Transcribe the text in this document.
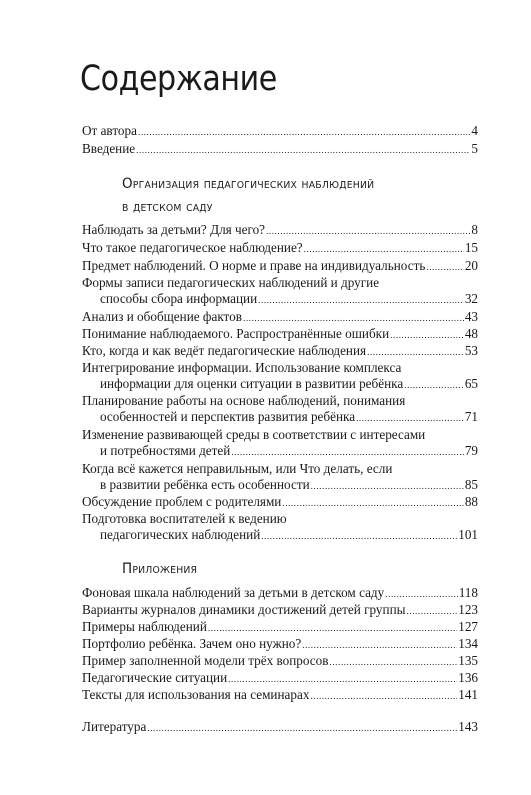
Содержание
От автора .....	4
Введение .....	5
Организация педагогических наблюдений
в детском саду
Наблюдать за детьми? Для чего? .....	8
Что такое педагогическое наблюдение? .....	15
Предмет наблюдений. О норме и праве на индивидуальность .....	20
Формы записи педагогических наблюдений и другие
способы сбора информации .....	32
Анализ и обобщение фактов .....	43
Понимание наблюдаемого. Распространённые ошибки .....	48
Кто, когда и как ведёт педагогические наблюдения .....	53
Интегрирование информации. Использование комплекса
информации для оценки ситуации в развитии ребёнка .....	65
Планирование работы на основе наблюдений, понимания
особенностей и перспектив развития ребёнка .....	71
Изменение развивающей среды в соответствии с интересами
и потребностями детей .....	79
Когда всё кажется неправильным, или Что делать, если
в развитии ребёнка есть особенности .....	85
Обсуждение проблем с родителями .....	88
Подготовка воспитателей к ведению
педагогических наблюдений .....	101
Приложения
Фоновая шкала наблюдений за детьми в детском саду .....	118
Варианты журналов динамики достижений детей группы .....	123
Примеры наблюдений .....	127
Портфолио ребёнка. Зачем оно нужно? .....	134
Пример заполненной модели трёх вопросов .....	135
Педагогические ситуации .....	136
Тексты для использования на семинарах .....	141
Литература .....	143
